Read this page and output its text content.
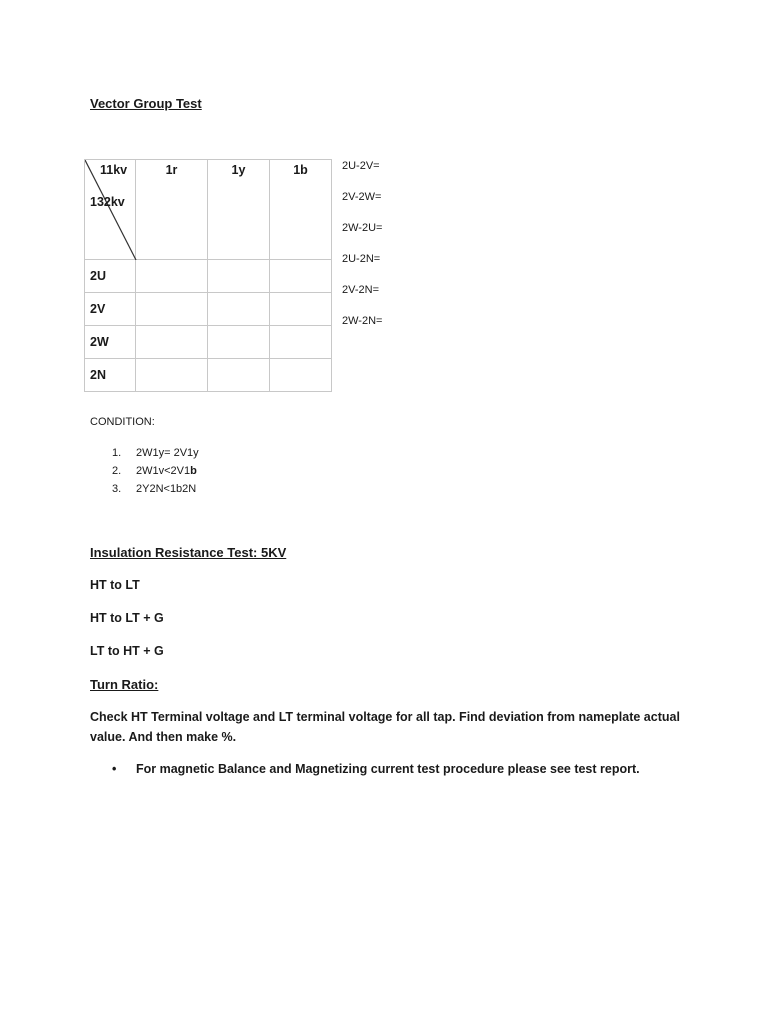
Vector Group Test
11kv
132kv	1r	1y	1b

2U			

2V			

2W			

2N			

2U-2V=
2V-2W=
2W-2U=
2U-2N=
2V-2N=
2W-2N=
CONDITION:
1. 2W1y= 2V1y
2. 2W1v<2V1b
3. 2Y2N<1b2N
Insulation Resistance Test: 5KV
HT to LT
HT to LT + G
LT to HT + G
Turn Ratio:
Check HT Terminal voltage and LT terminal voltage for all tap. Find deviation from nameplate actual value. And then make %.
• For magnetic Balance and Magnetizing current test procedure please see test report.
